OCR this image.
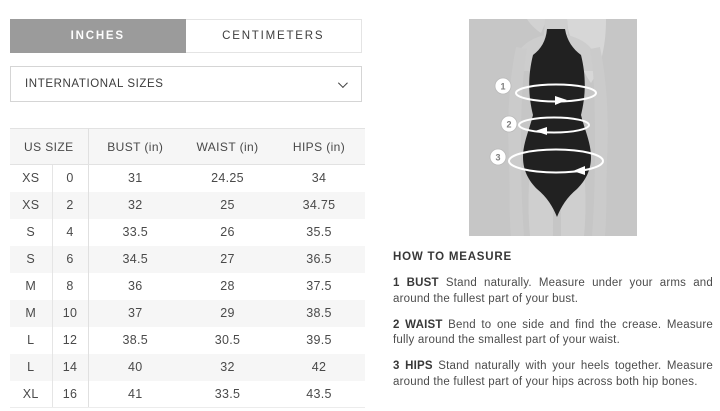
INCHES	CENTIMETERS
INTERNATIONAL SIZES
US SIZE		BUST (in)	WAIST (in)	HIPS (in)
XS	0	31	24.25	34
XS	2	32	25	34.75
S	4	33.5	26	35.5
S	6	34.5	27	36.5
M	8	36	28	37.5
M	10	37	29	38.5
L	12	38.5	30.5	39.5
L	14	40	32	42
XL	16	41	33.5	43.5
1
2
3
HOW TO MEASURE

1 BUST Stand naturally. Measure under your arms and around the fullest part of your bust.

2 WAIST Bend to one side and find the crease. Measure fully around the smallest part of your waist.

3 HIPS Stand naturally with your heels together. Measure around the fullest part of your hips across both hip bones.
